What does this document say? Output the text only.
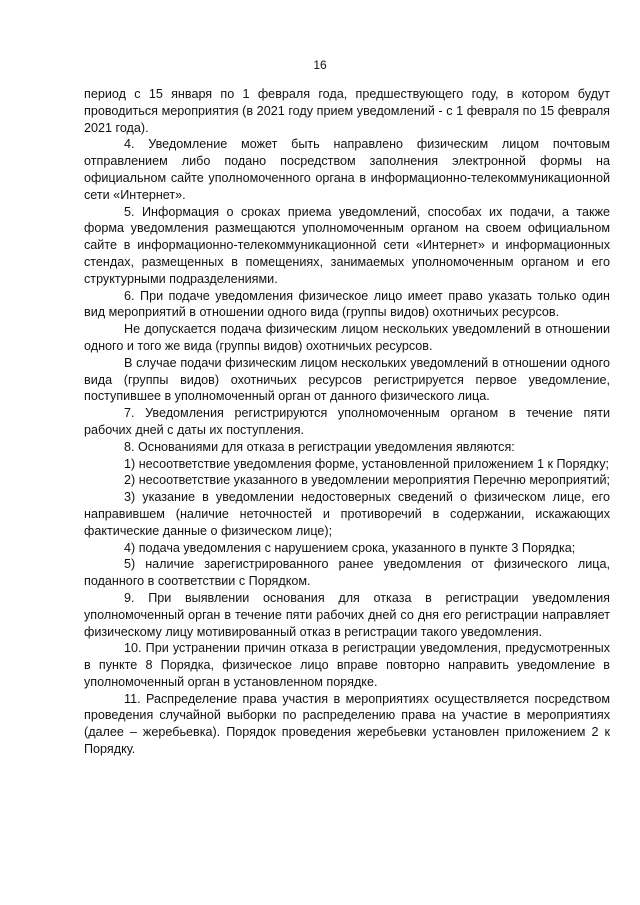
16

период с 15 января по 1 февраля года, предшествующего году, в котором будут проводиться мероприятия (в 2021 году прием уведомлений - с 1 февраля по 15 февраля 2021 года).

4. Уведомление может быть направлено физическим лицом почтовым отправлением либо подано посредством заполнения электронной формы на официальном сайте уполномоченного органа в информационно-телекоммуникационной сети «Интернет».

5. Информация о сроках приема уведомлений, способах их подачи, а также форма уведомления размещаются уполномоченным органом на своем официальном сайте в информационно-телекоммуникационной сети «Интернет» и информационных стендах, размещенных в помещениях, занимаемых уполномоченным органом и его структурными подразделениями.

6. При подаче уведомления физическое лицо имеет право указать только один вид мероприятий в отношении одного вида (группы видов) охотничьих ресурсов.

Не допускается подача физическим лицом нескольких уведомлений в отношении одного и того же вида (группы видов) охотничьих ресурсов.

В случае подачи физическим лицом нескольких уведомлений в отношении одного вида (группы видов) охотничьих ресурсов регистрируется первое уведомление, поступившее в уполномоченный орган от данного физического лица.

7. Уведомления регистрируются уполномоченным органом в течение пяти рабочих дней с даты их поступления.

8. Основаниями для отказа в регистрации уведомления являются:

1) несоответствие уведомления форме, установленной приложением 1 к Порядку;

2) несоответствие указанного в уведомлении мероприятия Перечню мероприятий;

3) указание в уведомлении недостоверных сведений о физическом лице, его направившем (наличие неточностей и противоречий в содержании, искажающих фактические данные о физическом лице);

4) подача уведомления с нарушением срока, указанного в пункте 3 Порядка;

5) наличие зарегистрированного ранее уведомления от физического лица, поданного в соответствии с Порядком.

9. При выявлении основания для отказа в регистрации уведомления уполномоченный орган в течение пяти рабочих дней со дня его регистрации направляет физическому лицу мотивированный отказ в регистрации такого уведомления.

10. При устранении причин отказа в регистрации уведомления, предусмотренных в пункте 8 Порядка, физическое лицо вправе повторно направить уведомление в уполномоченный орган в установленном порядке.

11. Распределение права участия в мероприятиях осуществляется посредством проведения случайной выборки по распределению права на участие в мероприятиях (далее – жеребьевка). Порядок проведения жеребьевки установлен приложением 2 к Порядку.
